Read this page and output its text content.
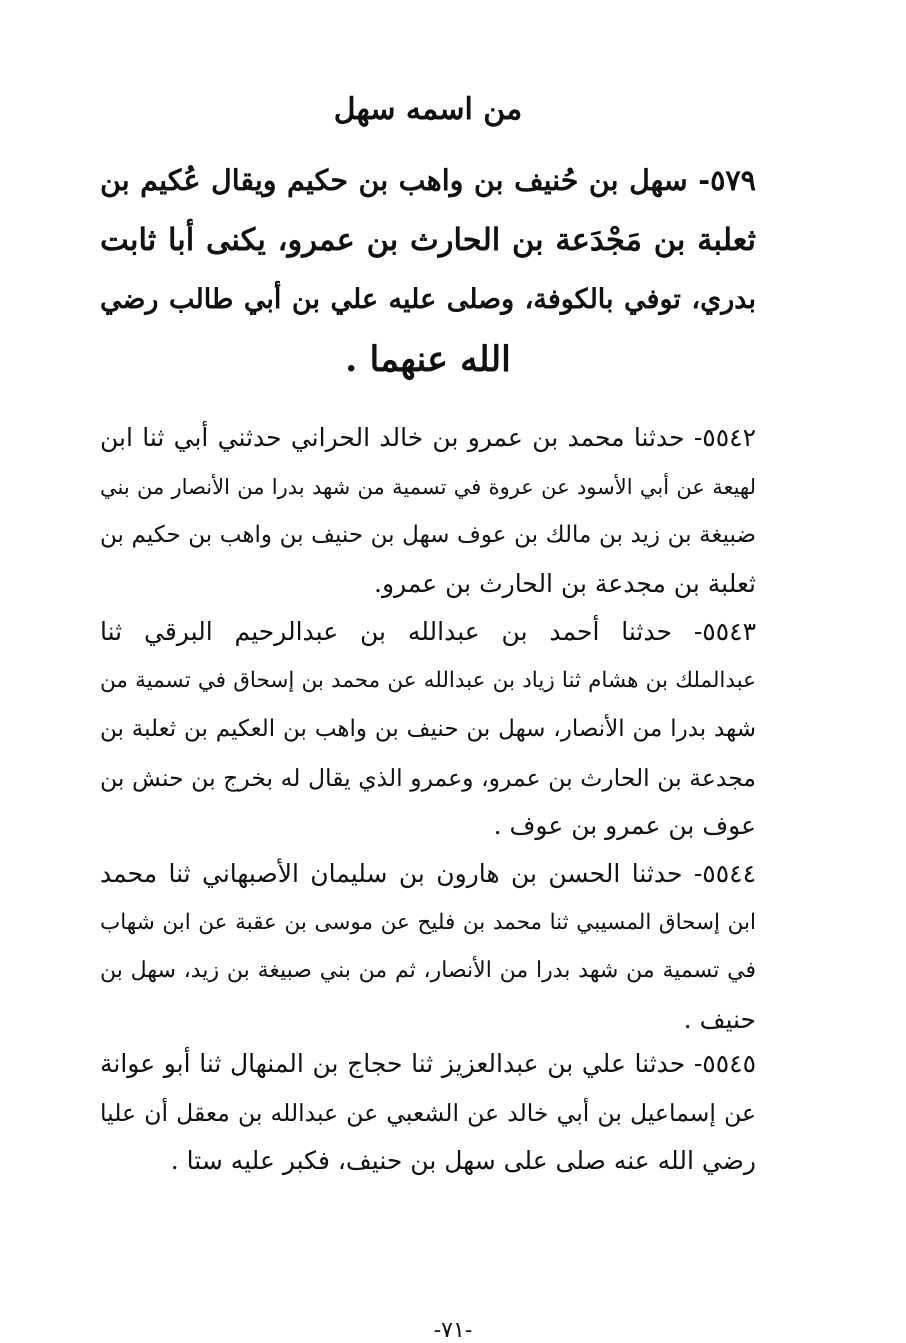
من اسمه سهل
٥٧٩- سهل بن حُنيف بن واهب بن حكيم ويقال عُكيم بن
ثعلبة بن مَجْدَعة بن الحارث بن عمرو، يكنى أبا ثابت
بدري، توفي بالكوفة، وصلى عليه علي بن أبي طالب رضي
الله عنهما .
٥٥٤٢- حدثنا محمد بن عمرو بن خالد الحراني حدثني أبي ثنا ابن
لهيعة عن أبي الأسود عن عروة في تسمية من شهد بدرا من الأنصار من بني
ضبيغة بن زيد بن مالك بن عوف سهل بن حنيف بن واهب بن حكيم بن
ثعلبة بن مجدعة بن الحارث بن عمرو.
٥٥٤٣- حدثنا أحمد بن عبدالله بن عبدالرحيم البرقي ثنا
عبدالملك بن هشام ثنا زياد بن عبدالله عن محمد بن إسحاق في تسمية من
شهد بدرا من الأنصار، سهل بن حنيف بن واهب بن العكيم بن ثعلبة بن
مجدعة بن الحارث بن عمرو، وعمرو الذي يقال له بخرج بن حنش بن
عوف بن عمرو بن عوف .
٥٥٤٤- حدثنا الحسن بن هارون بن سليمان الأصبهاني ثنا محمد
ابن إسحاق المسيبي ثنا محمد بن فليح عن موسى بن عقبة عن ابن شهاب
في تسمية من شهد بدرا من الأنصار، ثم من بني صبيغة بن زيد، سهل بن
حنيف .
٥٥٤٥- حدثنا علي بن عبدالعزيز ثنا حجاج بن المنهال ثنا أبو عوانة
عن إسماعيل بن أبي خالد عن الشعبي عن عبدالله بن معقل أن عليا
رضي الله عنه صلى على سهل بن حنيف، فكبر عليه ستا .
-٧١-
